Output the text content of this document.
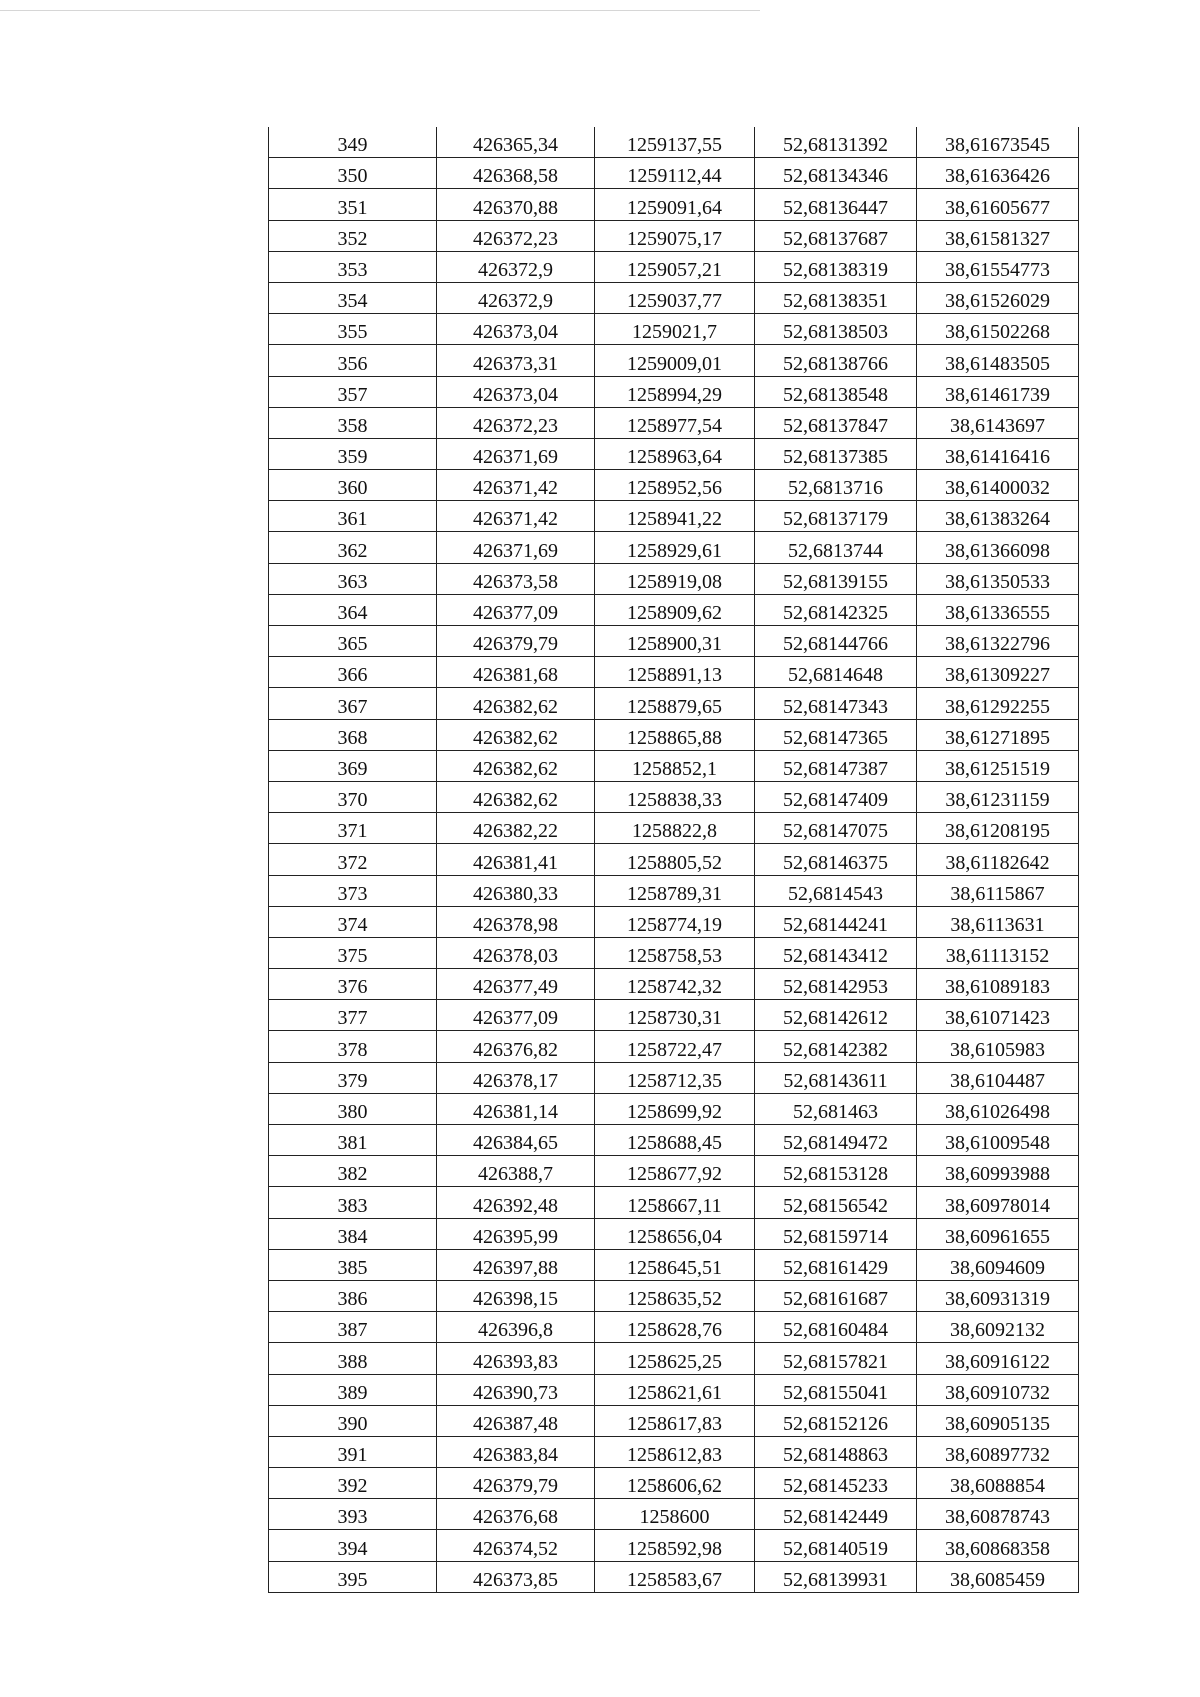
349	426365,34	1259137,55	52,68131392	38,61673545
350	426368,58	1259112,44	52,68134346	38,61636426
351	426370,88	1259091,64	52,68136447	38,61605677
352	426372,23	1259075,17	52,68137687	38,61581327
353	426372,9	1259057,21	52,68138319	38,61554773
354	426372,9	1259037,77	52,68138351	38,61526029
355	426373,04	1259021,7	52,68138503	38,61502268
356	426373,31	1259009,01	52,68138766	38,61483505
357	426373,04	1258994,29	52,68138548	38,61461739
358	426372,23	1258977,54	52,68137847	38,6143697
359	426371,69	1258963,64	52,68137385	38,61416416
360	426371,42	1258952,56	52,6813716	38,61400032
361	426371,42	1258941,22	52,68137179	38,61383264
362	426371,69	1258929,61	52,6813744	38,61366098
363	426373,58	1258919,08	52,68139155	38,61350533
364	426377,09	1258909,62	52,68142325	38,61336555
365	426379,79	1258900,31	52,68144766	38,61322796
366	426381,68	1258891,13	52,6814648	38,61309227
367	426382,62	1258879,65	52,68147343	38,61292255
368	426382,62	1258865,88	52,68147365	38,61271895
369	426382,62	1258852,1	52,68147387	38,61251519
370	426382,62	1258838,33	52,68147409	38,61231159
371	426382,22	1258822,8	52,68147075	38,61208195
372	426381,41	1258805,52	52,68146375	38,61182642
373	426380,33	1258789,31	52,6814543	38,6115867
374	426378,98	1258774,19	52,68144241	38,6113631
375	426378,03	1258758,53	52,68143412	38,61113152
376	426377,49	1258742,32	52,68142953	38,61089183
377	426377,09	1258730,31	52,68142612	38,61071423
378	426376,82	1258722,47	52,68142382	38,6105983
379	426378,17	1258712,35	52,68143611	38,6104487
380	426381,14	1258699,92	52,681463	38,61026498
381	426384,65	1258688,45	52,68149472	38,61009548
382	426388,7	1258677,92	52,68153128	38,60993988
383	426392,48	1258667,11	52,68156542	38,60978014
384	426395,99	1258656,04	52,68159714	38,60961655
385	426397,88	1258645,51	52,68161429	38,6094609
386	426398,15	1258635,52	52,68161687	38,60931319
387	426396,8	1258628,76	52,68160484	38,6092132
388	426393,83	1258625,25	52,68157821	38,60916122
389	426390,73	1258621,61	52,68155041	38,60910732
390	426387,48	1258617,83	52,68152126	38,60905135
391	426383,84	1258612,83	52,68148863	38,60897732
392	426379,79	1258606,62	52,68145233	38,6088854
393	426376,68	1258600	52,68142449	38,60878743
394	426374,52	1258592,98	52,68140519	38,60868358
395	426373,85	1258583,67	52,68139931	38,6085459
